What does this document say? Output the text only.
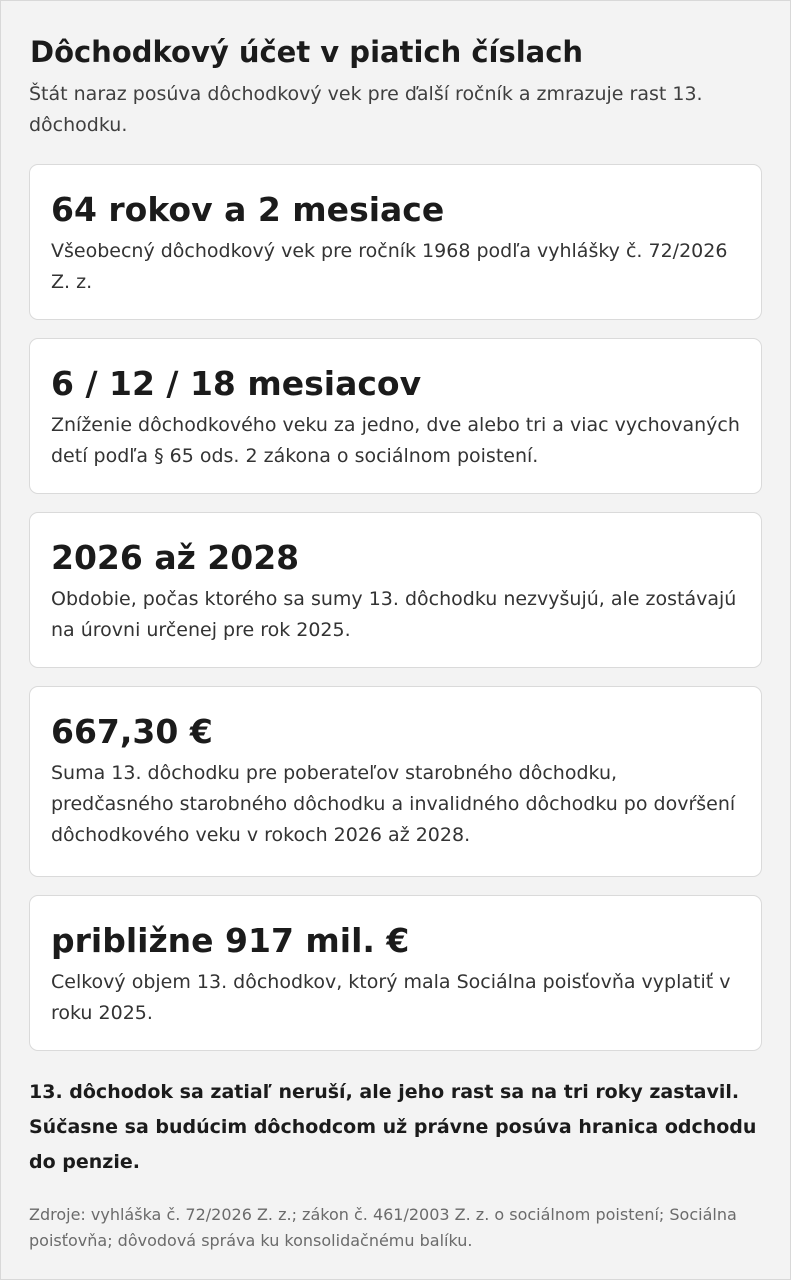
Dôchodkový účet v piatich číslach

Štát naraz posúva dôchodkový vek pre ďalší ročník a zmrazuje rast 13. dôchodku.

64 rokov a 2 mesiace
Všeobecný dôchodkový vek pre ročník 1968 podľa vyhlášky č. 72/2026 Z. z.
6 / 12 / 18 mesiacov
Zníženie dôchodkového veku za jedno, dve alebo tri a viac vychovaných detí podľa § 65 ods. 2 zákona o sociálnom poistení.
2026 až 2028
Obdobie, počas ktorého sa sumy 13. dôchodku nezvyšujú, ale zostávajú na úrovni určenej pre rok 2025.
667,30 €
Suma 13. dôchodku pre poberateľov starobného dôchodku, predčasného starobného dôchodku a invalidného dôchodku po dovŕšení dôchodkového veku v rokoch 2026 až 2028.
približne 917 mil. €
Celkový objem 13. dôchodkov, ktorý mala Sociálna poisťovňa vyplatiť v roku 2025.

13. dôchodok sa zatiaľ neruší, ale jeho rast sa na tri roky zastavil. Súčasne sa budúcim dôchodcom už právne posúva hranica odchodu do penzie.

Zdroje: vyhláška č. 72/2026 Z. z.; zákon č. 461/2003 Z. z. o sociálnom poistení; Sociálna poisťovňa; dôvodová správa ku konsolidačnému balíku.
